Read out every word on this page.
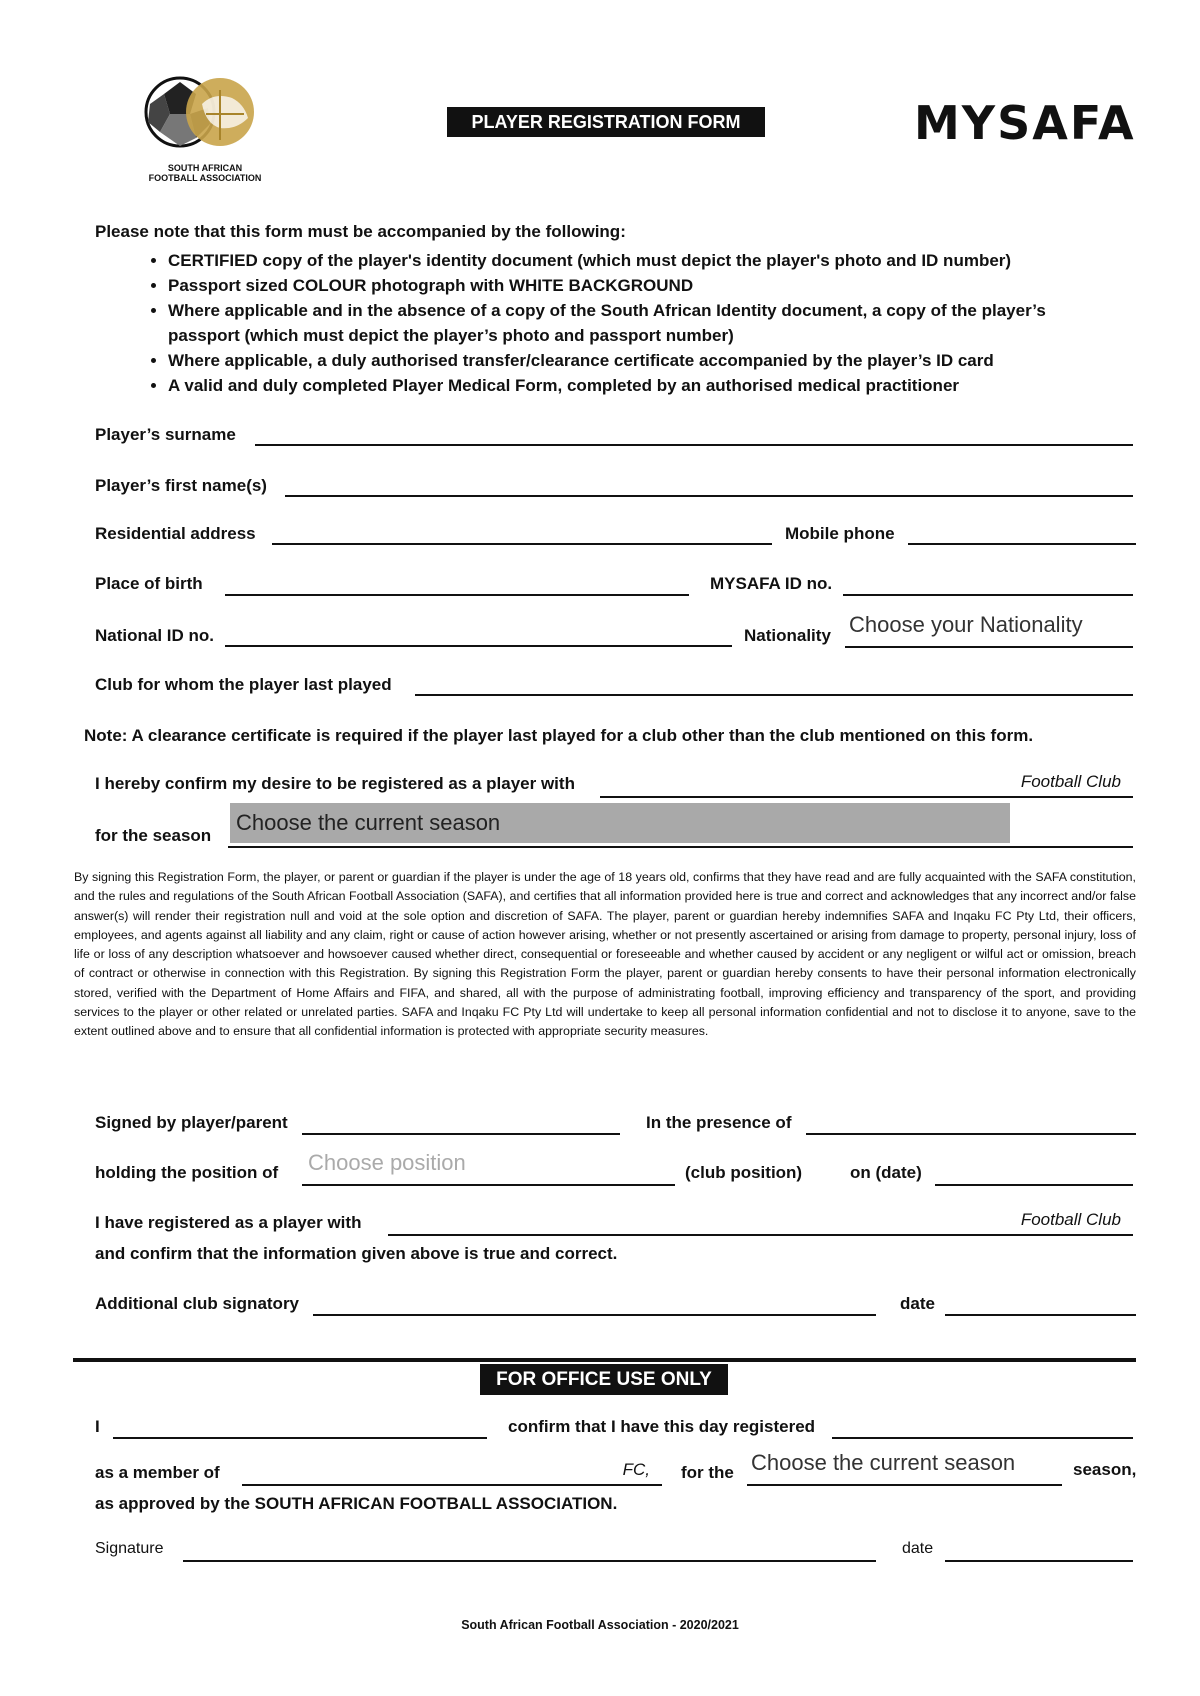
SOUTH AFRICAN
FOOTBALL ASSOCIATION
PLAYER REGISTRATION FORM	MYSAFA
Please note that this form must be accompanied by the following:
• CERTIFIED copy of the player's identity document (which must depict the player's photo and ID number)
• Passport sized COLOUR photograph with WHITE BACKGROUND
• Where applicable and in the absence of a copy of the South African Identity document, a copy of the player’s passport (which must depict the player’s photo and passport number)
• Where applicable, a duly authorised transfer/clearance certificate accompanied by the player’s ID card
• A valid and duly completed Player Medical Form, completed by an authorised medical practitioner
Player’s surname
Player’s first name(s)
Residential address	Mobile phone
Place of birth	MYSAFA ID no.
National ID no.	Nationality Choose your Nationality
Club for whom the player last played
Note: A clearance certificate is required if the player last played for a club other than the club mentioned on this form.
I hereby confirm my desire to be registered as a player with	Football Club
for the season
Choose the current season
By signing this Registration Form, the player, or parent or guardian if the player is under the age of 18 years old, confirms that they have read and are fully acquainted with the SAFA constitution, and the rules and regulations of the South African Football Association (SAFA), and certifies that all information provided here is true and correct and acknowledges that any incorrect and/or false answer(s) will render their registration null and void at the sole option and discretion of SAFA. The player, parent or guardian hereby indemnifies SAFA and Inqaku FC Pty Ltd, their officers, employees, and agents against all liability and any claim, right or cause of action however arising, whether or not presently ascertained or arising from damage to property, personal injury, loss of life or loss of any description whatsoever and howsoever caused whether direct, consequential or foreseeable and whether caused by accident or any negligent or wilful act or omission, breach of contract or otherwise in connection with this Registration. By signing this Registration Form the player, parent or guardian hereby consents to have their personal information electronically stored, verified with the Department of Home Affairs and FIFA, and shared, all with the purpose of administrating football, improving efficiency and transparency of the sport, and providing services to the player or other related or unrelated parties. SAFA and Inqaku FC Pty Ltd will undertake to keep all personal information confidential and not to disclose it to anyone, save to the extent outlined above and to ensure that all confidential information is protected with appropriate security measures.
Signed by player/parent	In the presence of
holding the position of Choose position	(club position)	on (date)
I have registered as a player with	Football Club
and confirm that the information given above is true and correct.
Additional club signatory	date
FOR OFFICE USE ONLY
I	confirm that I have this day registered
as a member of	FC, for the Choose the current season	season,
as approved by the SOUTH AFRICAN FOOTBALL ASSOCIATION.
Signature	date
South African Football Association - 2020/2021
